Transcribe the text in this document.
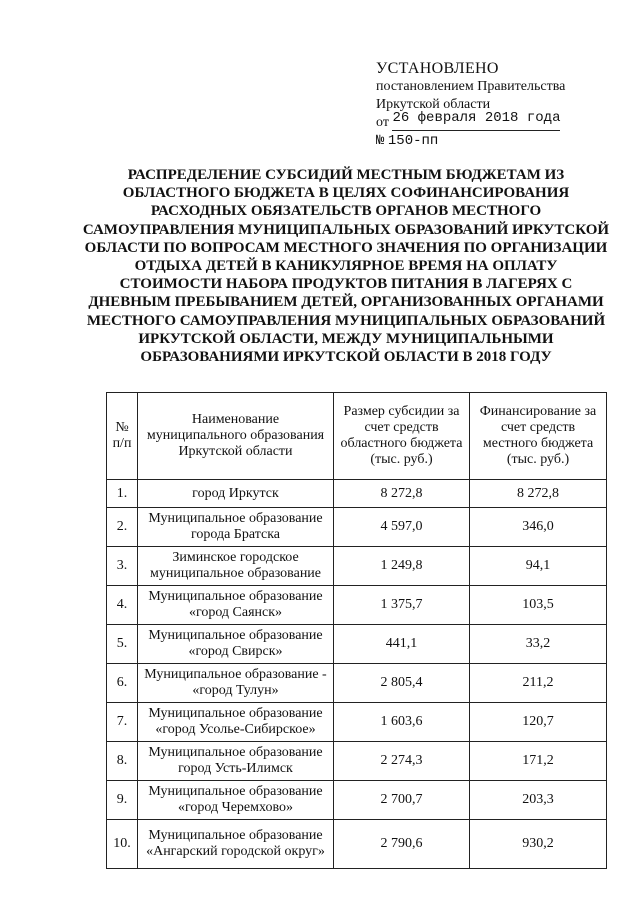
УСТАНОВЛЕНО
постановлением Правительства
Иркутской области
от 26 февраля 2018 года
№ 150-пп
РАСПРЕДЕЛЕНИЕ СУБСИДИЙ МЕСТНЫМ БЮДЖЕТАМ ИЗ ОБЛАСТНОГО БЮДЖЕТА В ЦЕЛЯХ СОФИНАНСИРОВАНИЯ РАСХОДНЫХ ОБЯЗАТЕЛЬСТВ ОРГАНОВ МЕСТНОГО САМОУПРАВЛЕНИЯ МУНИЦИПАЛЬНЫХ ОБРАЗОВАНИЙ ИРКУТСКОЙ ОБЛАСТИ ПО ВОПРОСАМ МЕСТНОГО ЗНАЧЕНИЯ ПО ОРГАНИЗАЦИИ ОТДЫХА ДЕТЕЙ В КАНИКУЛЯРНОЕ ВРЕМЯ НА ОПЛАТУ СТОИМОСТИ НАБОРА ПРОДУКТОВ ПИТАНИЯ В ЛАГЕРЯХ С ДНЕВНЫМ ПРЕБЫВАНИЕМ ДЕТЕЙ, ОРГАНИЗОВАННЫХ ОРГАНАМИ МЕСТНОГО САМОУПРАВЛЕНИЯ МУНИЦИПАЛЬНЫХ ОБРАЗОВАНИЙ ИРКУТСКОЙ ОБЛАСТИ, МЕЖДУ МУНИЦИПАЛЬНЫМИ ОБРАЗОВАНИЯМИ ИРКУТСКОЙ ОБЛАСТИ В 2018 ГОДУ
№ п/п	Наименование муниципального образования Иркутской области	Размер субсидии за счет средств областного бюджета (тыс. руб.)	Финансирование за счет средств местного бюджета (тыс. руб.)
1.	город Иркутск	8 272,8	8 272,8
2.	Муниципальное образование города Братска	4 597,0	346,0
3.	Зиминское городское муниципальное образование	1 249,8	94,1
4.	Муниципальное образование «город Саянск»	1 375,7	103,5
5.	Муниципальное образование «город Свирск»	441,1	33,2
6.	Муниципальное образование - «город Тулун»	2 805,4	211,2
7.	Муниципальное образование «город Усолье-Сибирское»	1 603,6	120,7
8.	Муниципальное образование город Усть-Илимск	2 274,3	171,2
9.	Муниципальное образование «город Черемхово»	2 700,7	203,3
10.	Муниципальное образование «Ангарский городской округ»	2 790,6	930,2
